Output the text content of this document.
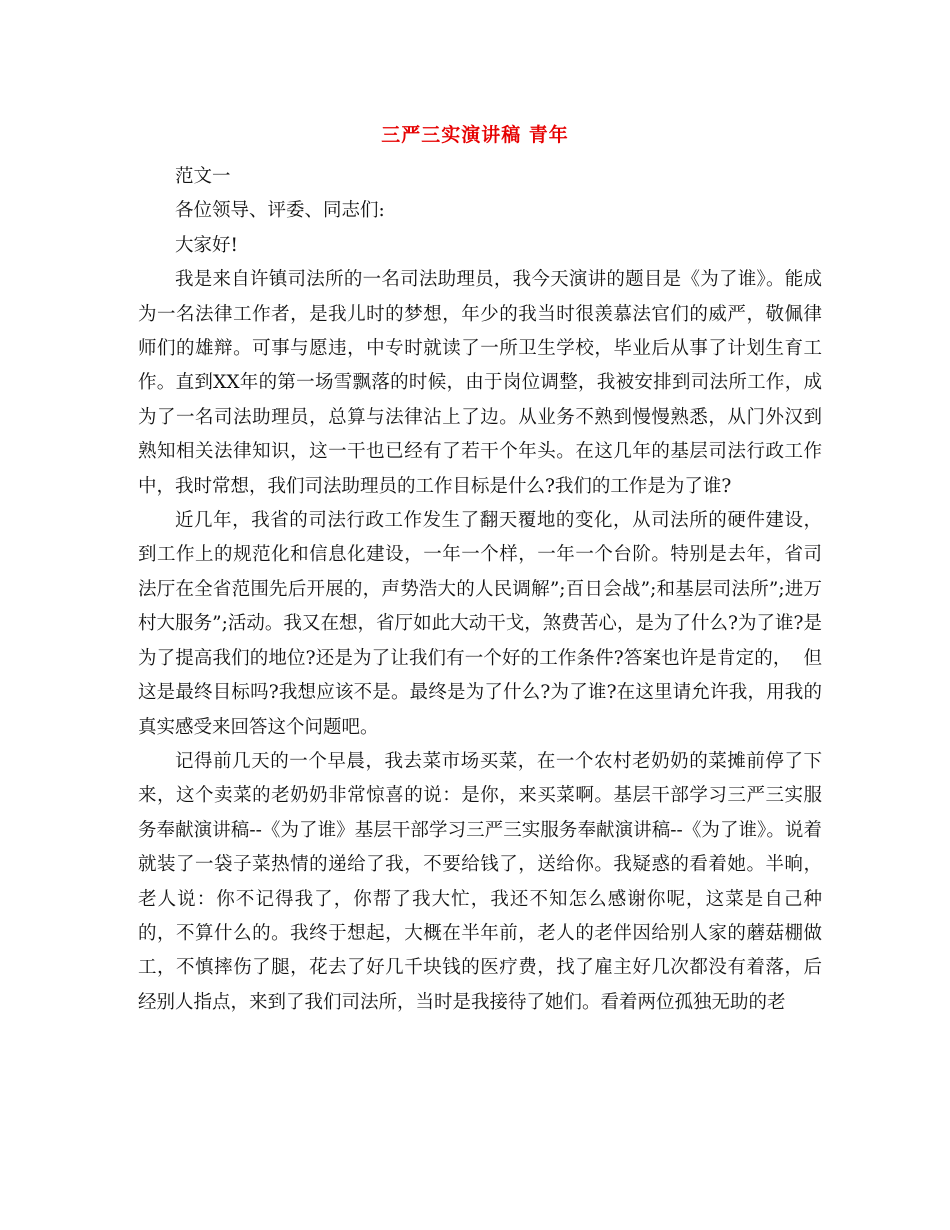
三严三实演讲稿 青年

范文一

各位领导、评委、同志们:

大家好!

我是来自许镇司法所的一名司法助理员，我今天演讲的题目是《为了谁》。能成为一名法律工作者，是我儿时的梦想，年少的我当时很羡慕法官们的威严，敬佩律师们的雄辩。可事与愿违，中专时就读了一所卫生学校，毕业后从事了计划生育工作。直到XX年的第一场雪飘落的时候，由于岗位调整，我被安排到司法所工作，成为了一名司法助理员，总算与法律沾上了边。从业务不熟到慢慢熟悉，从门外汉到熟知相关法律知识，这一干也已经有了若干个年头。在这几年的基层司法行政工作中，我时常想，我们司法助理员的工作目标是什么?我们的工作是为了谁?

近几年，我省的司法行政工作发生了翻天覆地的变化，从司法所的硬件建设，到工作上的规范化和信息化建设，一年一个样，一年一个台阶。特别是去年，省司法厅在全省范围先后开展的，声势浩大的人民调解”;百日会战”;和基层司法所”;进万村大服务”;活动。我又在想，省厅如此大动干戈，煞费苦心，是为了什么?为了谁?是为了提高我们的地位?还是为了让我们有一个好的工作条件?答案也许是肯定的，  但这是最终目标吗?我想应该不是。最终是为了什么?为了谁?在这里请允许我，用我的真实感受来回答这个问题吧。

记得前几天的一个早晨，我去菜市场买菜，在一个农村老奶奶的菜摊前停了下来，这个卖菜的老奶奶非常惊喜的说：是你，来买菜啊。基层干部学习三严三实服务奉献演讲稿--《为了谁》基层干部学习三严三实服务奉献演讲稿--《为了谁》。说着就装了一袋子菜热情的递给了我，不要给钱了，送给你。我疑惑的看着她。半晌，老人说：你不记得我了，你帮了我大忙，我还不知怎么感谢你呢，这菜是自己种的，不算什么的。我终于想起，大概在半年前，老人的老伴因给别人家的蘑菇棚做工，不慎摔伤了腿，花去了好几千块钱的医疗费，找了雇主好几次都没有着落，后经别人指点，来到了我们司法所，当时是我接待了她们。看着两位孤独无助的老
